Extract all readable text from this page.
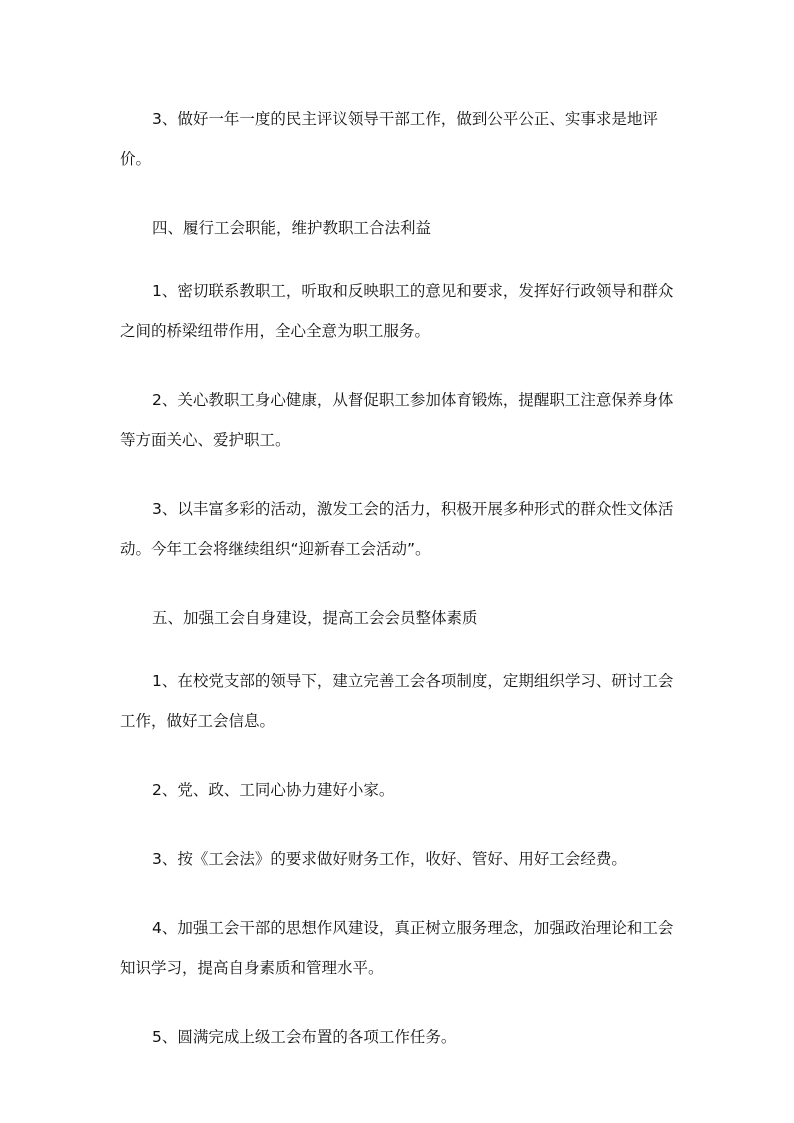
3、做好一年一度的民主评议领导干部工作，做到公平公正、实事求是地评价。

四、履行工会职能，维护教职工合法利益

1、密切联系教职工，听取和反映职工的意见和要求，发挥好行政领导和群众之间的桥梁纽带作用，全心全意为职工服务。

2、关心教职工身心健康，从督促职工参加体育锻炼，提醒职工注意保养身体等方面关心、爱护职工。

3、以丰富多彩的活动，激发工会的活力，积极开展多种形式的群众性文体活动。今年工会将继续组织“迎新春工会活动”。

五、加强工会自身建设，提高工会会员整体素质

1、在校党支部的领导下，建立完善工会各项制度，定期组织学习、研讨工会工作，做好工会信息。

2、党、政、工同心协力建好小家。

3、按《工会法》的要求做好财务工作，收好、管好、用好工会经费。

4、加强工会干部的思想作风建设，真正树立服务理念，加强政治理论和工会知识学习，提高自身素质和管理水平。

5、圆满完成上级工会布置的各项工作任务。
